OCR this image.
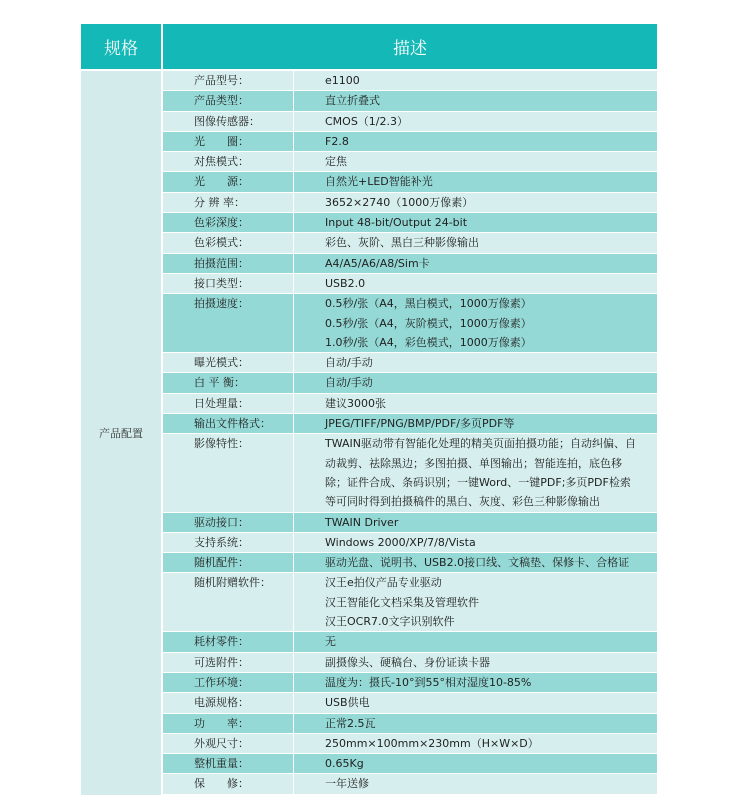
规格	描述
产品配置
产品型号：	e1100
产品类型：	直立折叠式
图像传感器：	CMOS（1/2.3）
光　　圈：	F2.8
对焦模式：	定焦
光　　源：	自然光+LED智能补光
分 辨 率：	3652×2740（1000万像素）
色彩深度：	Input 48-bit/Output 24-bit
色彩模式：	彩色、灰阶、黑白三种影像输出
拍摄范围：	A4/A5/A6/A8/Sim卡
接口类型：	USB2.0
拍摄速度：	0.5秒/张（A4，黑白模式，1000万像素）
0.5秒/张（A4，灰阶模式，1000万像素）
1.0秒/张（A4，彩色模式，1000万像素）
曝光模式：	自动/手动
白 平 衡：	自动/手动
日处理量：	建议3000张
输出文件格式：	JPEG/TIFF/PNG/BMP/PDF/多页PDF等
影像特性：	TWAIN驱动带有智能化处理的精美页面拍摄功能；自动纠偏、自
动裁剪、祛除黑边；多图拍摄、单图输出；智能连拍，底色移
除；证件合成、条码识别；一键Word、一键PDF;多页PDF检索
等可同时得到拍摄稿件的黑白、灰度、彩色三种影像输出
驱动接口：	TWAIN Driver
支持系统：	Windows 2000/XP/7/8/Vista
随机配件：	驱动光盘、说明书、USB2.0接口线、文稿垫、保修卡、合格证
随机附赠软件：	汉王e拍仪产品专业驱动
汉王智能化文档采集及管理软件
汉王OCR7.0文字识别软件
耗材零件：	无
可选附件：	副摄像头、硬稿台、身份证读卡器
工作环境：	温度为：摄氏-10°到55°相对湿度10-85%
电源规格：	USB供电
功　　率：	正常2.5瓦
外观尺寸：	250mm×100mm×230mm（H×W×D）
整机重量：	0.65Kg
保　　修：	一年送修
